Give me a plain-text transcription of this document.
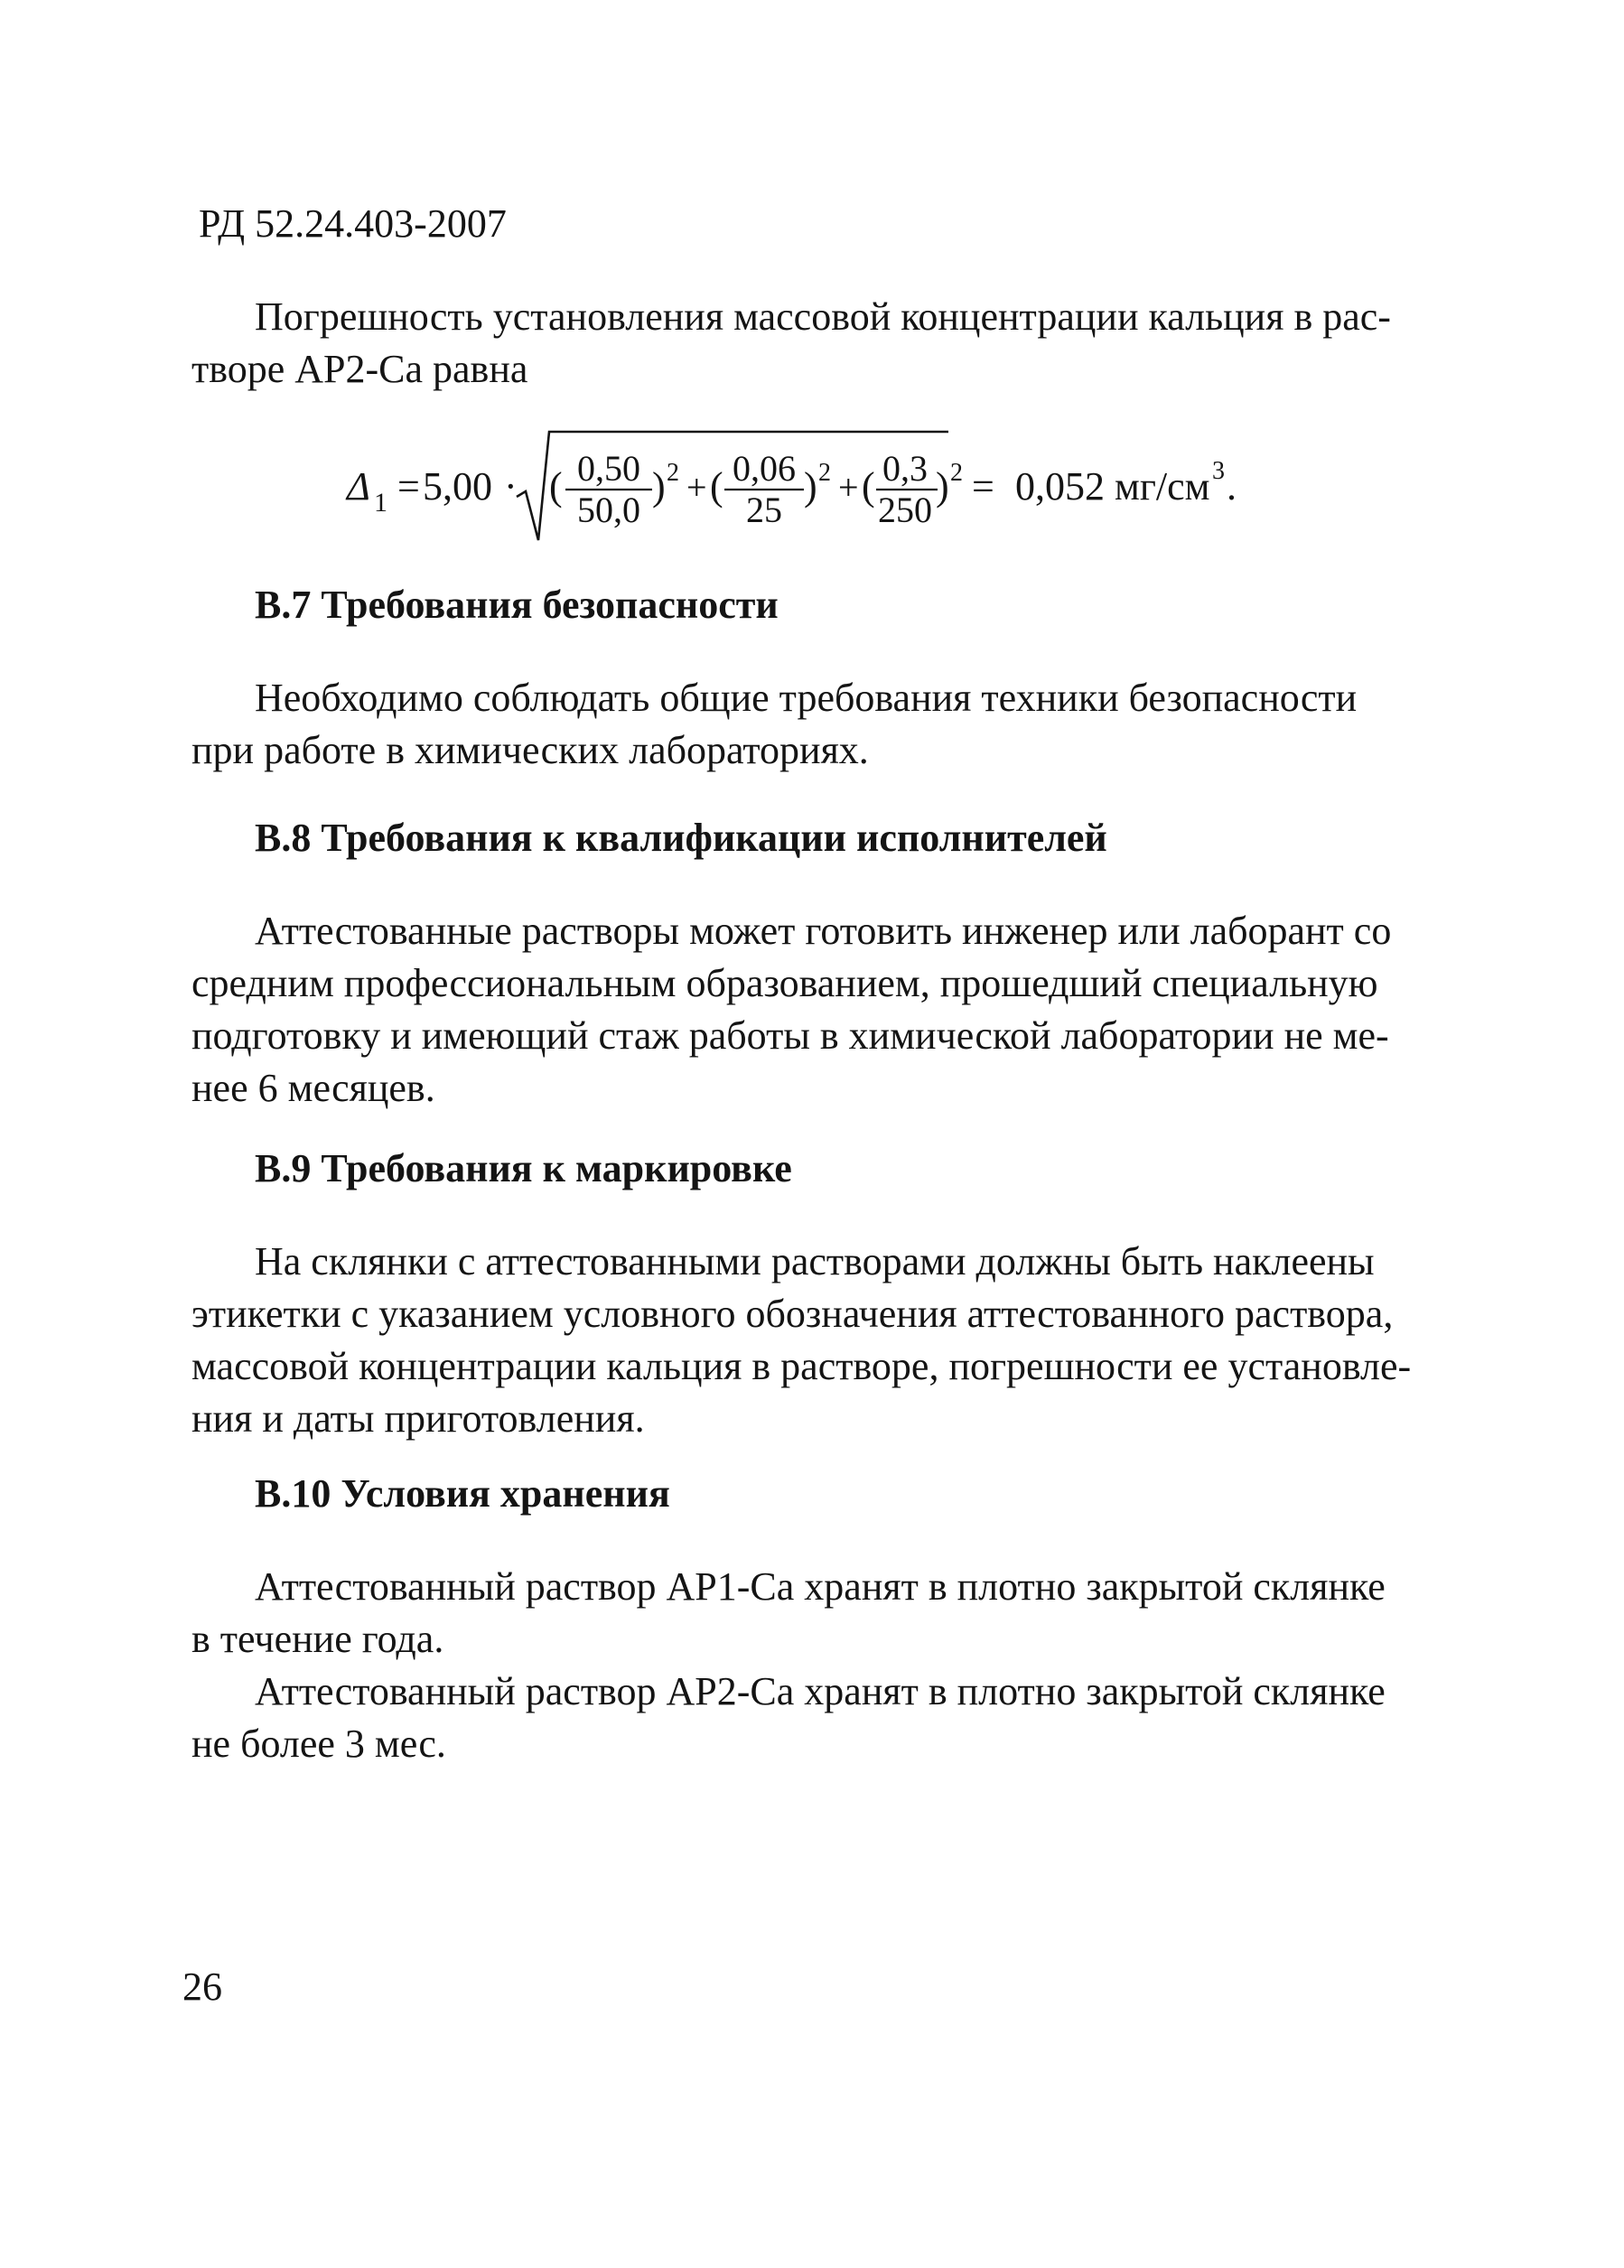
РД 52.24.403-2007

Погрешность установления массовой концентрации кальция в рас-
творе АР2-Са равна

Δ 1 = 5,00 · ( 0,50
50,0
) 2 + ( 0,06
25
) 2 + ( 0,3
250
) 2 = 0,052 мг/см 3 .
В.7 Требования безопасности

Необходимо соблюдать общие требования техники безопасности
при работе в химических лабораториях.

В.8 Требования к квалификации исполнителей

Аттестованные растворы может готовить инженер или лаборант со
средним профессиональным образованием, прошедший специальную
подготовку и имеющий стаж работы в химической лаборатории не ме-
нее 6 месяцев.

В.9 Требования к маркировке

На склянки с аттестованными растворами должны быть наклеены
этикетки с указанием условного обозначения аттестованного раствора,
массовой концентрации кальция в растворе, погрешности ее установле-
ния и даты приготовления.

В.10 Условия хранения

Аттестованный раствор АР1-Са хранят в плотно закрытой склянке
в течение года.

Аттестованный раствор АР2-Са хранят в плотно закрытой склянке
не более 3 мес.

26
